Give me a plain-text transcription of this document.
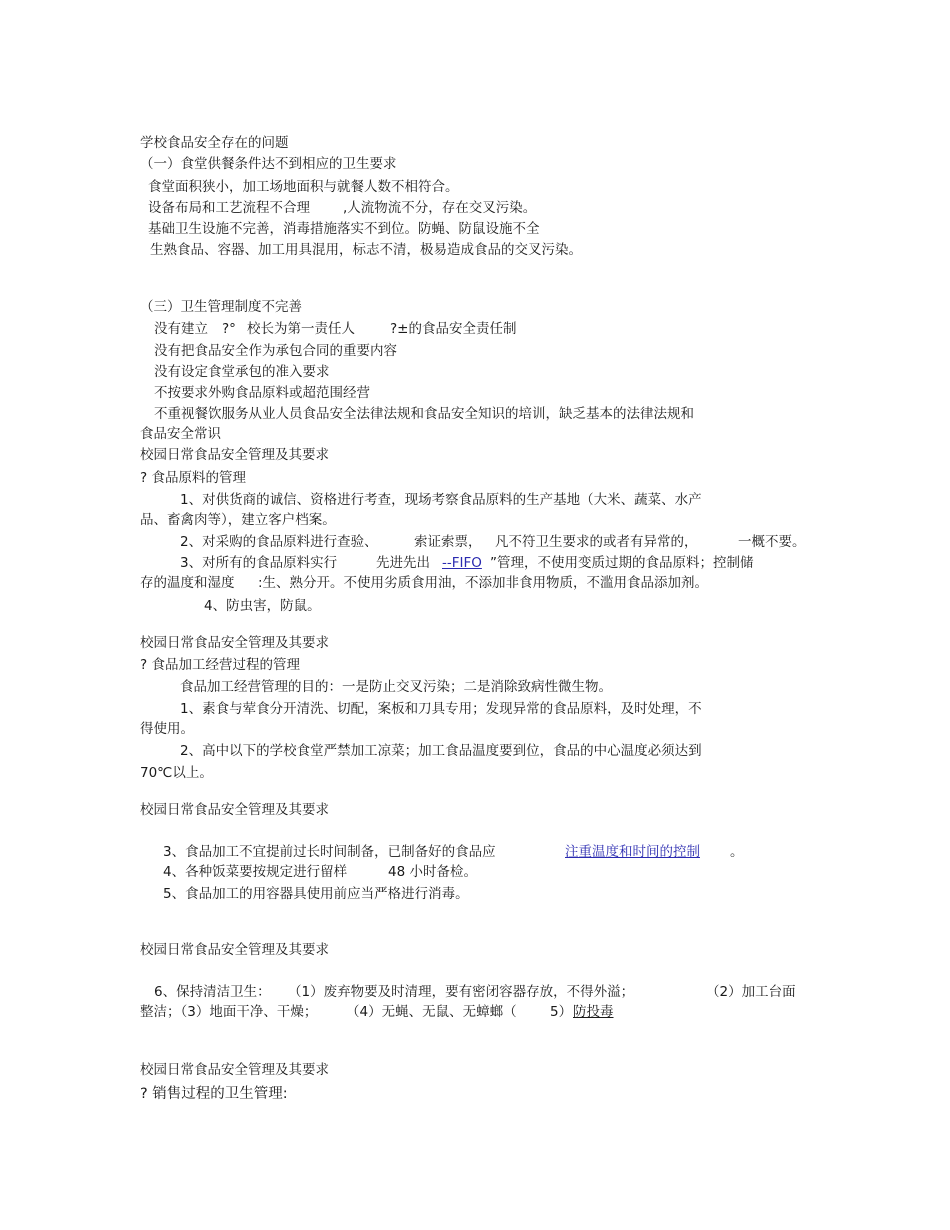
学校食品安全存在的问题
（一）食堂供餐条件达不到相应的卫生要求
食堂面积狭小，加工场地面积与就餐人数不相符合。
设备布局和工艺流程不合理 ,人流物流不分，存在交叉污染。
基础卫生设施不完善，消毒措施落实不到位。防蝇、防鼠设施不全
生熟食品、容器、加工用具混用，标志不清，极易造成食品的交叉污染。
（三）卫生管理制度不完善
没有建立 ?° 校长为第一责任人	?±的食品安全责任制
没有把食品安全作为承包合同的重要内容
没有设定食堂承包的准入要求
不按要求外购食品原料或超范围经营
不重视餐饮服务从业人员食品安全法律法规和食品安全知识的培训，缺乏基本的法律法规和
食品安全常识
校园日常食品安全管理及其要求
? 食品原料的管理
1、对供货商的诚信、资格进行考查，现场考察食品原料的生产基地（大米、蔬菜、水产
品、畜禽肉等），建立客户档案。
2、对采购的食品原料进行查验、	索证索票， 凡不符卫生要求的或者有异常的，	一概不要。
3、对所有的食品原料实行	先进先出 --FIFO ”管理，不使用变质过期的食品原料；控制储
存的温度和湿度 :生、熟分开。不使用劣质食用油，不添加非食用物质，不滥用食品添加剂。
4、防虫害，防鼠。
校园日常食品安全管理及其要求
? 食品加工经营过程的管理
食品加工经营管理的目的：一是防止交叉污染；二是消除致病性微生物。
1、素食与荤食分开清洗、切配，案板和刀具专用；发现异常的食品原料，及时处理，不
得使用。
2、高中以下的学校食堂严禁加工凉菜；加工食品温度要到位，食品的中心温度必须达到
70℃以上。
校园日常食品安全管理及其要求
3、食品加工不宜提前过长时间制备，已制备好的食品应	注重温度和时间的控制 。
4、各种饭菜要按规定进行留样	48 小时备检。
5、食品加工的用容器具使用前应当严格进行消毒。
校园日常食品安全管理及其要求
6、保持清洁卫生： （1）废弃物要及时清理，要有密闭容器存放，不得外溢；	（2）加工台面
整洁；（3）地面干净、干燥； （4）无蝇、无鼠、无蟑螂（ 5） 防投毒
校园日常食品安全管理及其要求
? 销售过程的卫生管理:
